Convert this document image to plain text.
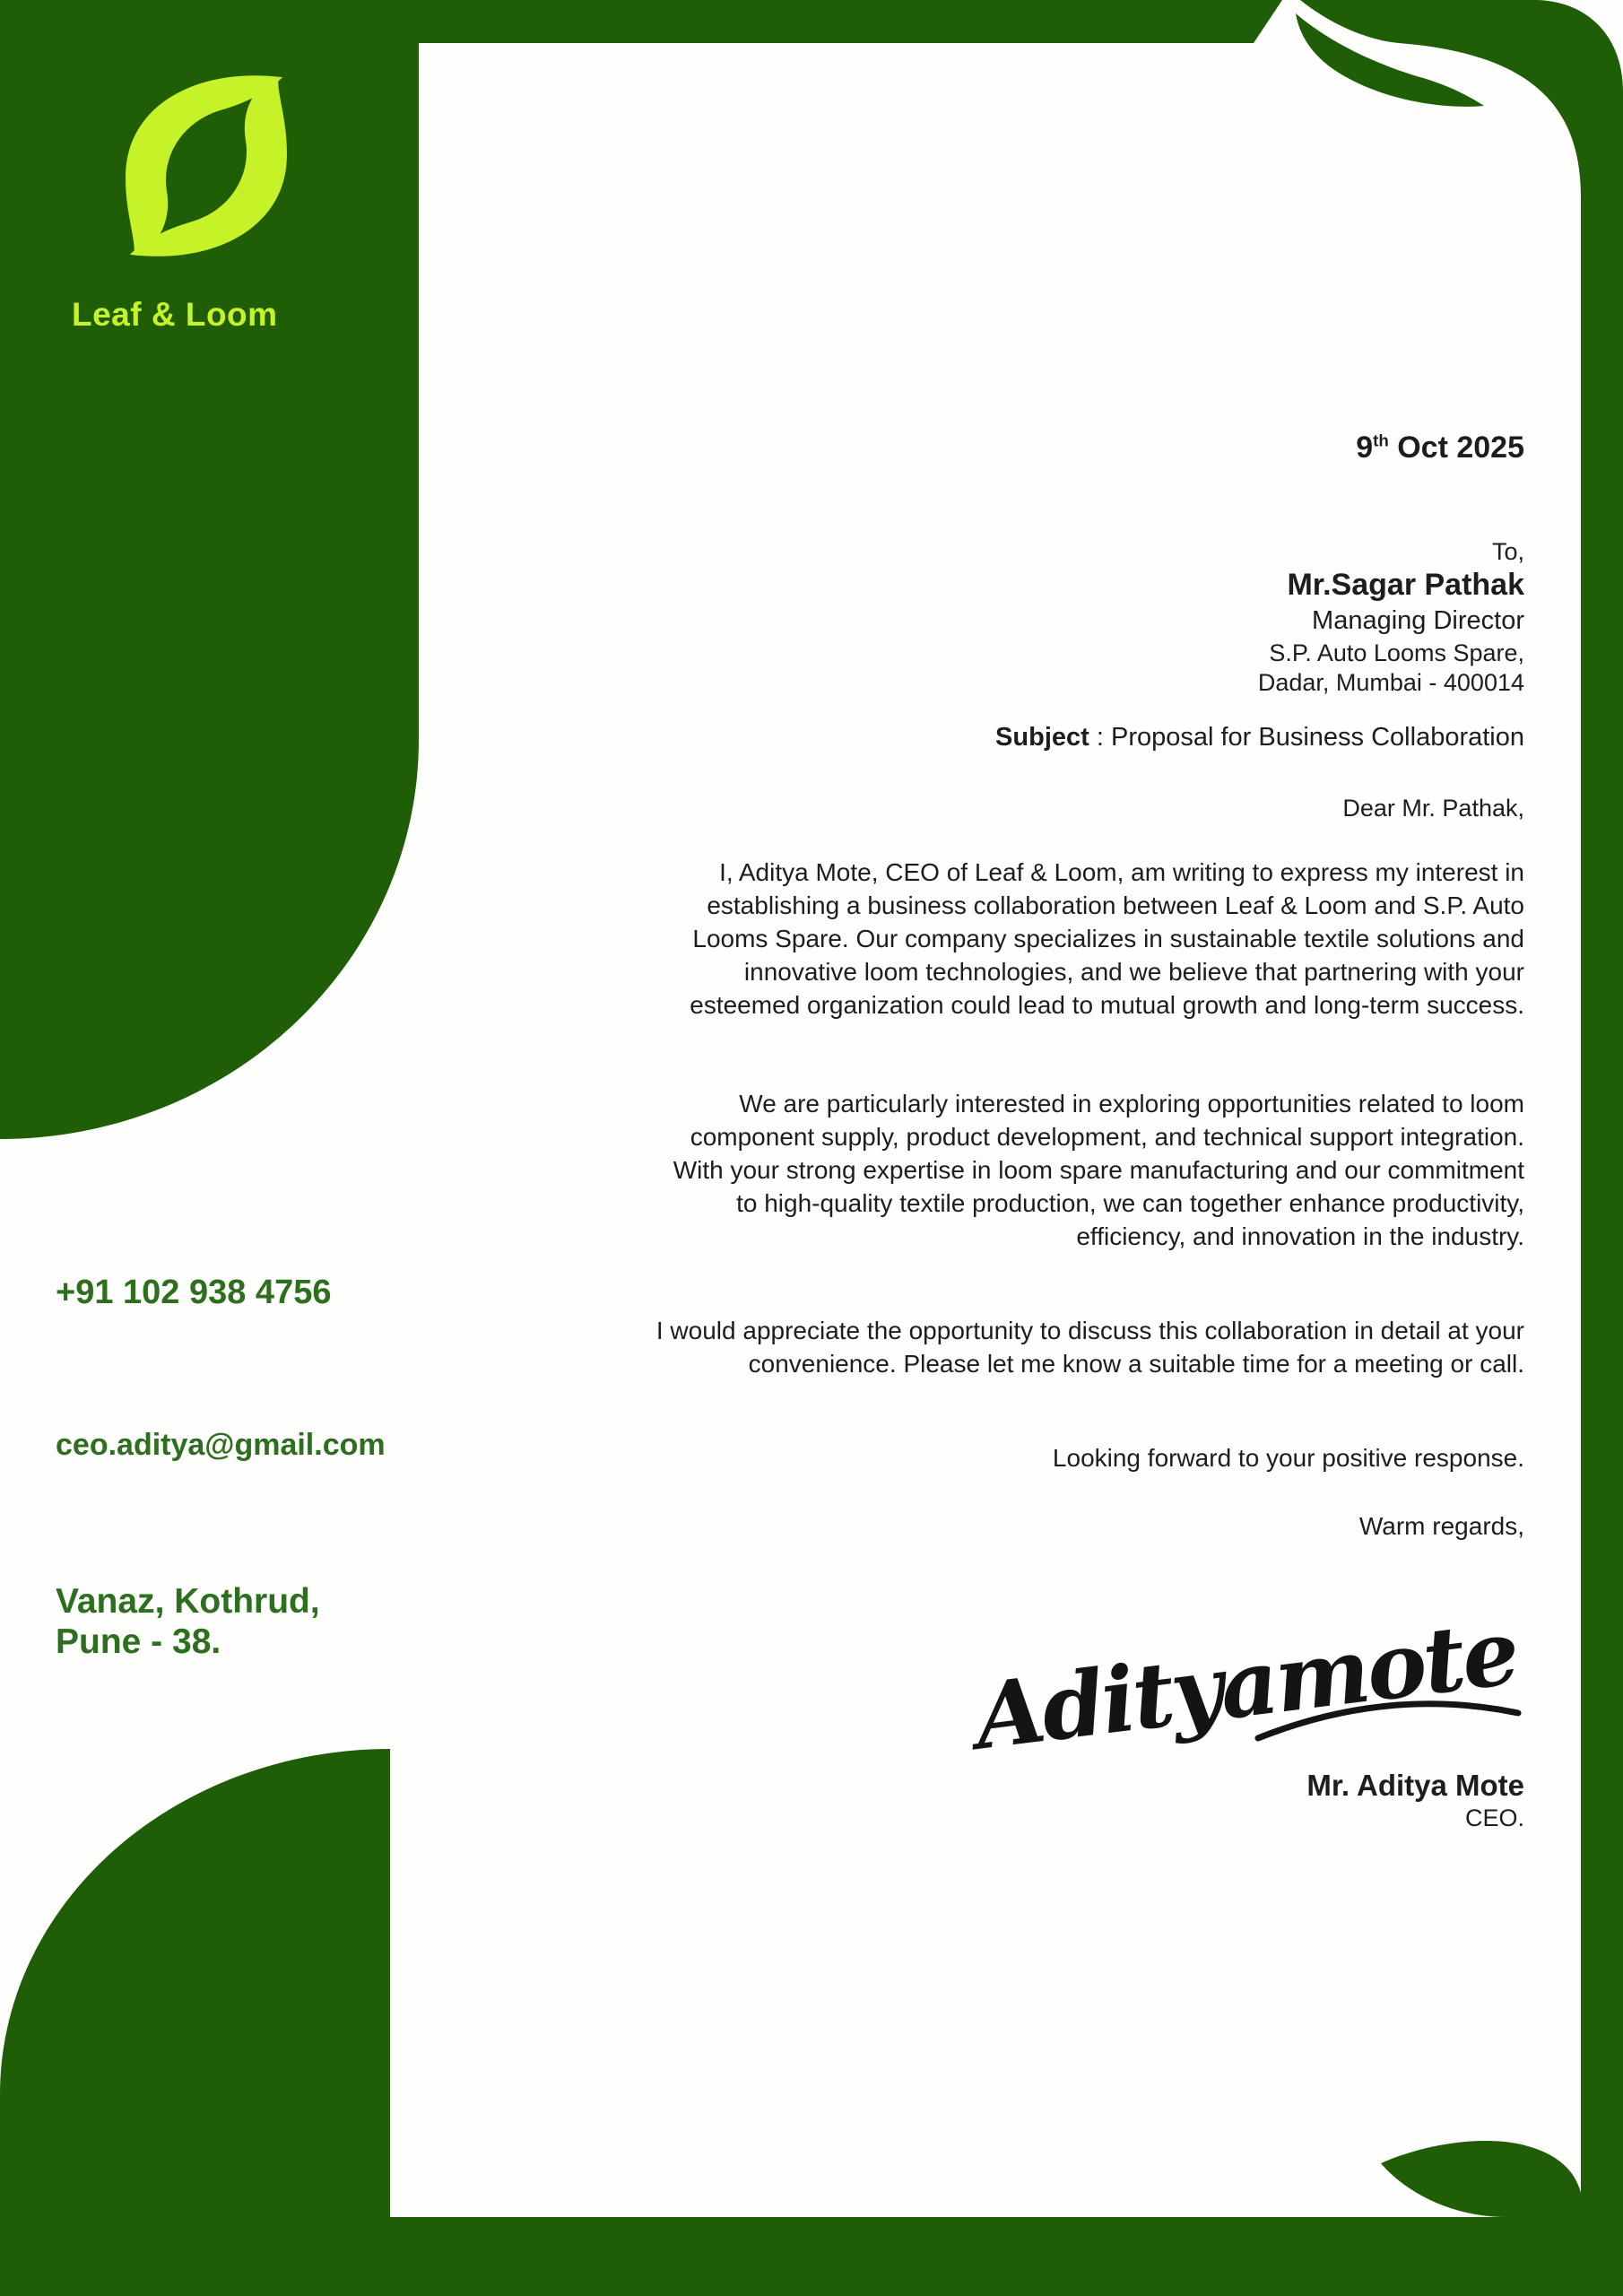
Leaf & Loom
+91 102 938 4756
ceo.aditya@gmail.com
Vanaz, Kothrud,
Pune - 38.
9th Oct 2025
To,
Mr.Sagar Pathak
Managing Director
S.P. Auto Looms Spare,
Dadar, Mumbai - 400014
Subject : Proposal for Business Collaboration
Dear Mr. Pathak,
I, Aditya Mote, CEO of Leaf & Loom, am writing to express my interest in establishing a business collaboration between Leaf & Loom and S.P. Auto Looms Spare. Our company specializes in sustainable textile solutions and innovative loom technologies, and we believe that partnering with your esteemed organization could lead to mutual growth and long-term success.
We are particularly interested in exploring opportunities related to loom component supply, product development, and technical support integration. With your strong expertise in loom spare manufacturing and our commitment to high-quality textile production, we can together enhance productivity, efficiency, and innovation in the industry.
I would appreciate the opportunity to discuss this collaboration in detail at your convenience. Please let me know a suitable time for a meeting or call.
Looking forward to your positive response.
Warm regards,
Adityamote
Mr. Aditya Mote
CEO.
